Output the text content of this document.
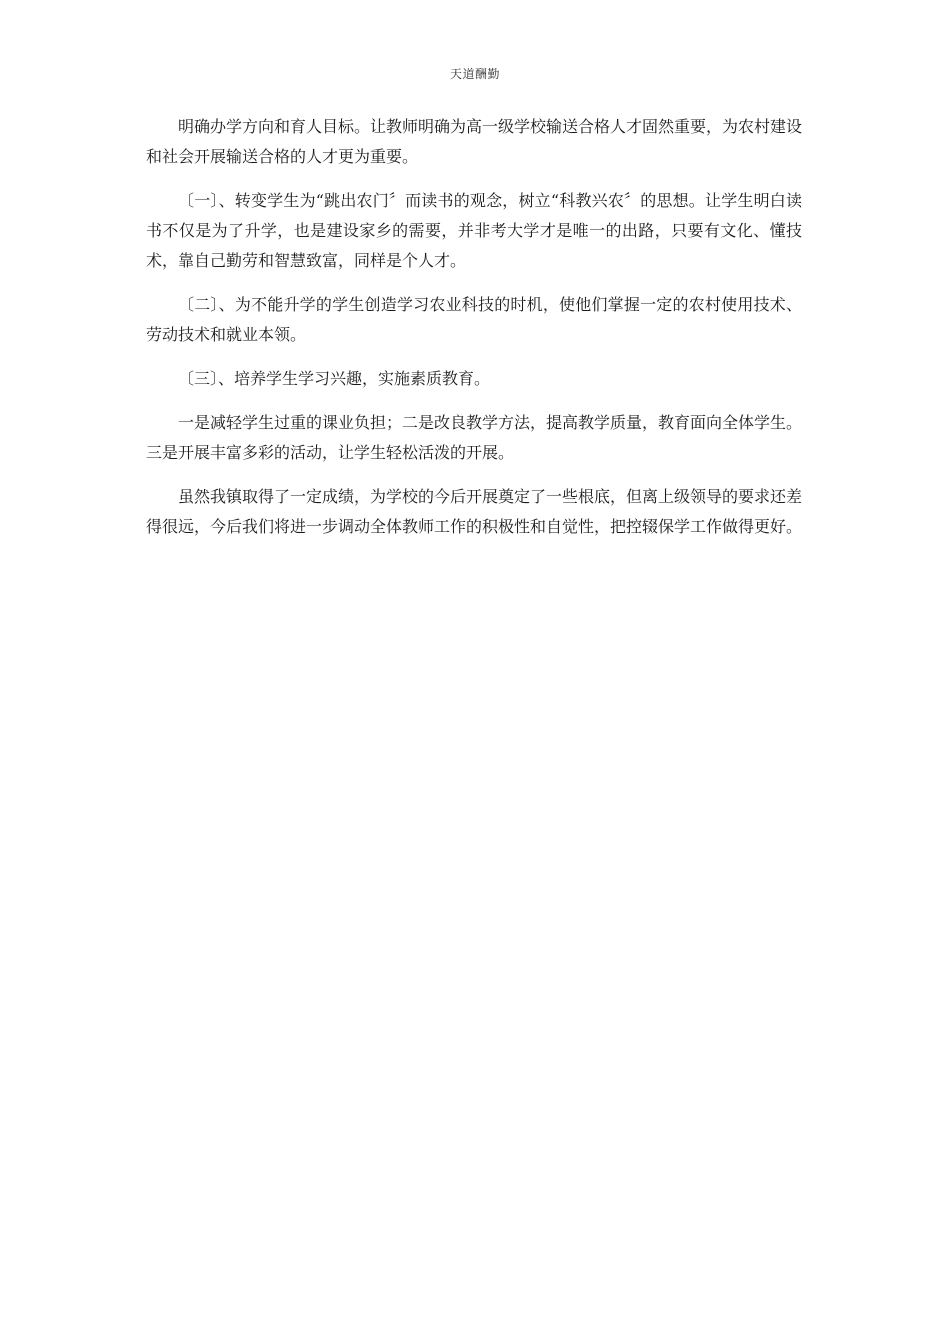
天道酬勤

明确办学方向和育人目标。让教师明确为高一级学校输送合格人才固然重要，为农村建设和社会开展输送合格的人才更为重要。

〔一〕、转变学生为“跳出农门〞而读书的观念，树立“科教兴农〞的思想。让学生明白读书不仅是为了升学，也是建设家乡的需要，并非考大学才是唯一的出路，只要有文化、懂技术，靠自己勤劳和智慧致富，同样是个人才。

〔二〕、为不能升学的学生创造学习农业科技的时机，使他们掌握一定的农村使用技术、劳动技术和就业本领。

〔三〕、培养学生学习兴趣，实施素质教育。

一是减轻学生过重的课业负担；二是改良教学方法，提高教学质量，教育面向全体学生。三是开展丰富多彩的活动，让学生轻松活泼的开展。

虽然我镇取得了一定成绩，为学校的今后开展奠定了一些根底，但离上级领导的要求还差得很远，今后我们将进一步调动全体教师工作的积极性和自觉性，把控辍保学工作做得更好。
